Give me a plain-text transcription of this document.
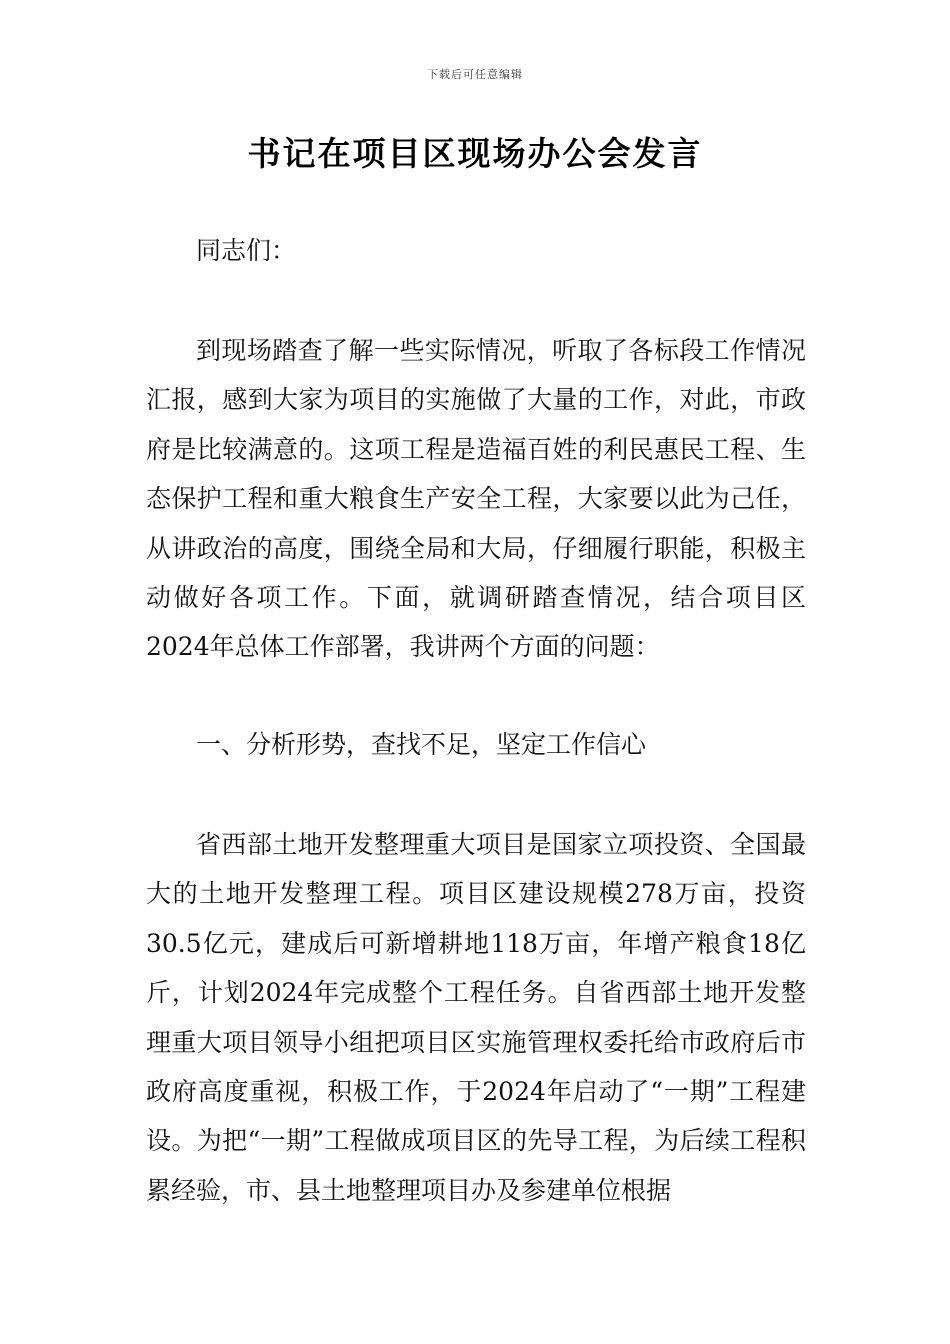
下载后可任意编辑
书记在项目区现场办公会发言

同志们：

到现场踏查了解一些实际情况，听取了各标段工作情况汇报，感到大家为项目的实施做了大量的工作，对此，市政府是比较满意的。这项工程是造福百姓的利民惠民工程、生态保护工程和重大粮食生产安全工程，大家要以此为己任，从讲政治的高度，围绕全局和大局，仔细履行职能，积极主动做好各项工作。下面，就调研踏查情况，结合项目区2024年总体工作部署，我讲两个方面的问题：

一、分析形势，查找不足，坚定工作信心

省西部土地开发整理重大项目是国家立项投资、全国最大的土地开发整理工程。项目区建设规模278万亩，投资30.5亿元，建成后可新增耕地118万亩，年增产粮食18亿斤，计划2024年完成整个工程任务。自省西部土地开发整理重大项目领导小组把项目区实施管理权委托给市政府后市政府高度重视，积极工作，于2024年启动了“一期”工程建设。为把“一期”工程做成项目区的先导工程，为后续工程积累经验，市、县土地整理项目办及参建单位根据
